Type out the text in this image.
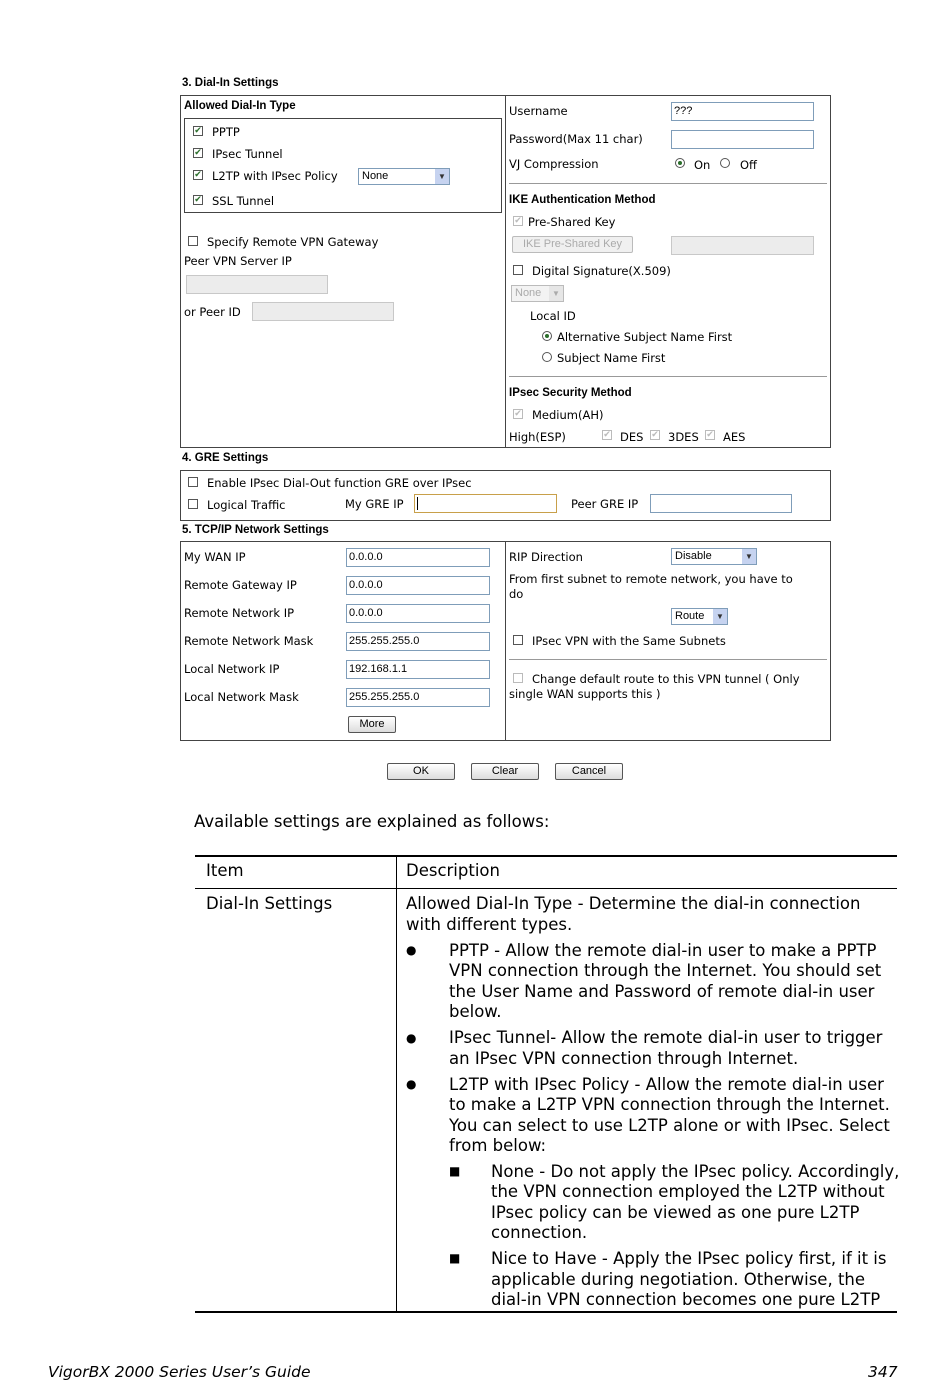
3. Dial-In Settings
Allowed Dial-In Type
✔ PPTP
✔ IPsec Tunnel
✔ L2TP with IPsec Policy	None	▼
✔ SSL Tunnel
Specify Remote VPN Gateway
Peer VPN Server IP
or Peer ID
Username	???
Password(Max 11 char)
VJ Compression	On	Off
IKE Authentication Method
✔ Pre-Shared Key
IKE Pre-Shared Key
Digital Signature(X.509)
None	▼
Local ID
Alternative Subject Name First
Subject Name First
IPsec Security Method
✔ Medium(AH)
High(ESP)	✔ DES ✔ 3DES ✔ AES
4. GRE Settings
Enable IPsec Dial-Out function GRE over IPsec
Logical Traffic	My GRE IP	Peer GRE IP
5. TCP/IP Network Settings
My WAN IP	0.0.0.0
Remote Gateway IP	0.0.0.0
Remote Network IP	0.0.0.0
Remote Network Mask	255.255.255.0
Local Network IP	192.168.1.1
Local Network Mask	255.255.255.0
More
RIP Direction	Disable	▼
From first subnet to remote network, you have to
do
Route	▼
IPsec VPN with the Same Subnets
Change default route to this VPN tunnel ( Only
single WAN supports this )
OK	Clear	Cancel
Available settings are explained as follows:
Item	Description
Dial-In Settings	Allowed Dial-In Type - Determine the dial-in connection
with different types.
● PPTP - Allow the remote dial-in user to make a PPTP
VPN connection through the Internet. You should set
the User Name and Password of remote dial-in user
below.
● IPsec Tunnel- Allow the remote dial-in user to trigger
an IPsec VPN connection through Internet.
● L2TP with IPsec Policy - Allow the remote dial-in user
to make a L2TP VPN connection through the Internet.
You can select to use L2TP alone or with IPsec. Select
from below:
■ None - Do not apply the IPsec policy. Accordingly,
the VPN connection employed the L2TP without
IPsec policy can be viewed as one pure L2TP
connection.
■ Nice to Have - Apply the IPsec policy first, if it is
applicable during negotiation. Otherwise, the
dial-in VPN connection becomes one pure L2TP
VigorBX 2000 Series User’s Guide	347
